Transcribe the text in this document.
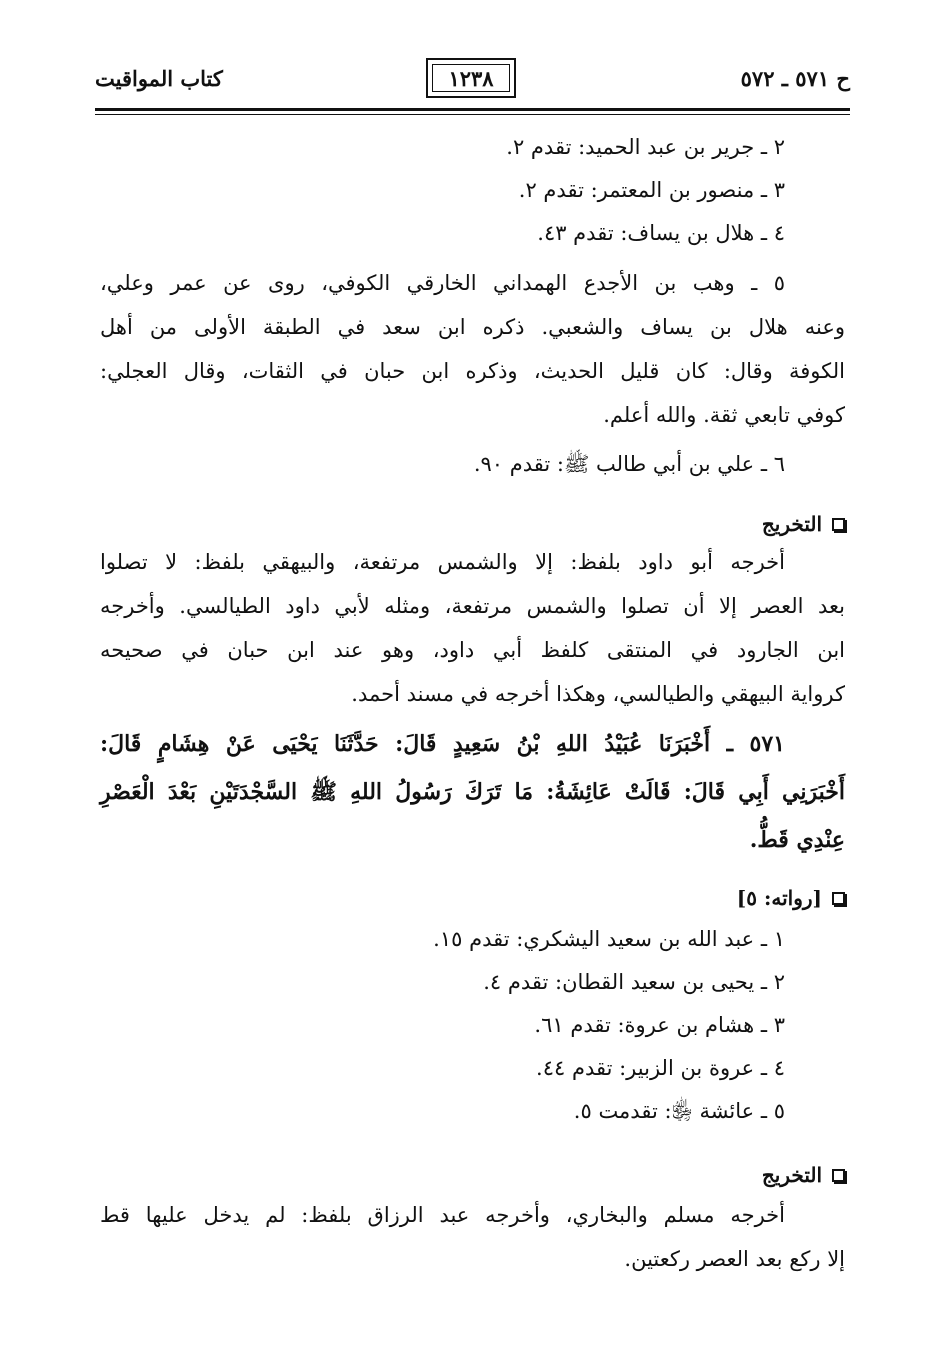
ح ٥٧١ ـ ٥٧٢
١٢٣٨
كتاب المواقيت
٢ ـ جرير بن عبد الحميد: تقدم ٢.
٣ ـ منصور بن المعتمر: تقدم ٢.
٤ ـ هلال بن يساف: تقدم ٤٣.
٥ ـ وهب بن الأجدع الهمداني الخارقي الكوفي، روى عن عمر وعلي،
وعنه هلال بن يساف والشعبي. ذكره ابن سعد في الطبقة الأولى من أهل
الكوفة وقال: كان قليل الحديث، وذكره ابن حبان في الثقات، وقال العجلي:
كوفي تابعي ثقة. والله أعلم.
٦ ـ علي بن أبي طالب ﷺ: تقدم ٩٠.
التخريج
أخرجه أبو داود بلفظ: إلا والشمس مرتفعة، والبيهقي بلفظ: لا تصلوا
بعد العصر إلا أن تصلوا والشمس مرتفعة، ومثله لأبي داود الطيالسي. وأخرجه
ابن الجارود في المنتقى كلفظ أبي داود، وهو عند ابن حبان في صحيحه
كرواية البيهقي والطيالسي، وهكذا أخرجه في مسند أحمد.
٥٧١ ـ أَخْبَرَنَا عُبَيْدُ اللهِ بْنُ سَعِيدٍ قَالَ: حَدَّثَنَا يَحْيَى عَنْ هِشَامٍ قَالَ:
أَخْبَرَنِي أَبِي قَالَ: قَالَتْ عَائِشَةُ: مَا تَرَكَ رَسُولُ اللهِ ﷺ السَّجْدَتَيْنِ بَعْدَ الْعَصْرِ
عِنْدِي قَطُّ.
[رواته: ٥]
١ ـ عبد الله بن سعيد اليشكري: تقدم ١٥.
٢ ـ يحيى بن سعيد القطان: تقدم ٤.
٣ ـ هشام بن عروة: تقدم ٦١.
٤ ـ عروة بن الزبير: تقدم ٤٤.
٥ ـ عائشة ﵂: تقدمت ٥.
التخريج
أخرجه مسلم والبخاري، وأخرجه عبد الرزاق بلفظ: لم يدخل عليها قط
إلا ركع بعد العصر ركعتين.
